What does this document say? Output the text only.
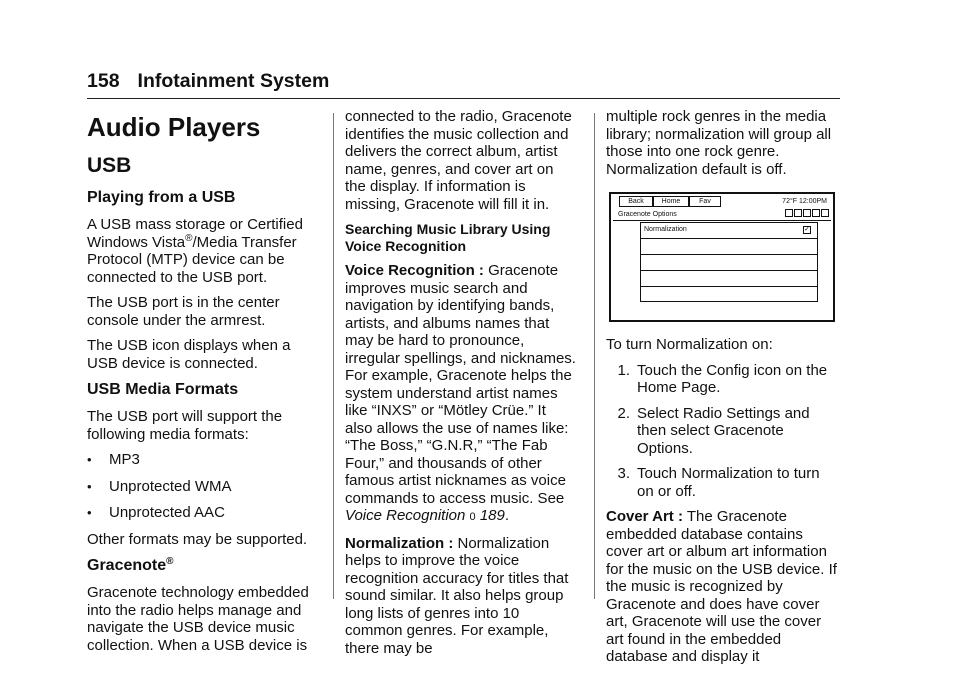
158 Infotainment System
Audio Players
USB
Playing from a USB

A USB mass storage or Certified Windows Vista®/Media Transfer Protocol (MTP) device can be connected to the USB port.

The USB port is in the center console under the armrest.

The USB icon displays when a USB device is connected.

USB Media Formats

The USB port will support the following media formats:

•	MP3
•	Unprotected WMA
•	Unprotected AAC

Other formats may be supported.

Gracenote®

Gracenote technology embedded into the radio helps manage and navigate the USB device music collection. When a USB device is

connected to the radio, Gracenote identifies the music collection and delivers the correct album, artist name, genres, and cover art on the display. If information is missing, Gracenote will fill it in.

Searching Music Library Using Voice Recognition

Voice Recognition : Gracenote improves music search and navigation by identifying bands, artists, and albums names that may be hard to pronounce, irregular spellings, and nicknames. For example, Gracenote helps the system understand artist names like “INXS” or “Mötley Crüe.” It also allows the use of names like: “The Boss,” “G.N.R,” “The Fab Four,” and thousands of other famous artist nicknames as voice commands to access music. See Voice Recognition 0 189.

Normalization : Normalization helps to improve the voice recognition accuracy for titles that sound similar. It also helps group long lists of genres into 10 common genres. For example, there may be

multiple rock genres in the media library; normalization will group all those into one rock genre. Normalization default is off.

Back	Home	Fav	72°F 12:00PM
Gracenote Options
Normalization	✓

To turn Normalization on:

1. Touch the Config icon on the Home Page.
2. Select Radio Settings and then select Gracenote Options.
3. Touch Normalization to turn on or off.

Cover Art : The Gracenote embedded database contains cover art or album art information for the music on the USB device. If the music is recognized by Gracenote and does have cover art, Gracenote will use the cover art found in the embedded database and display it
